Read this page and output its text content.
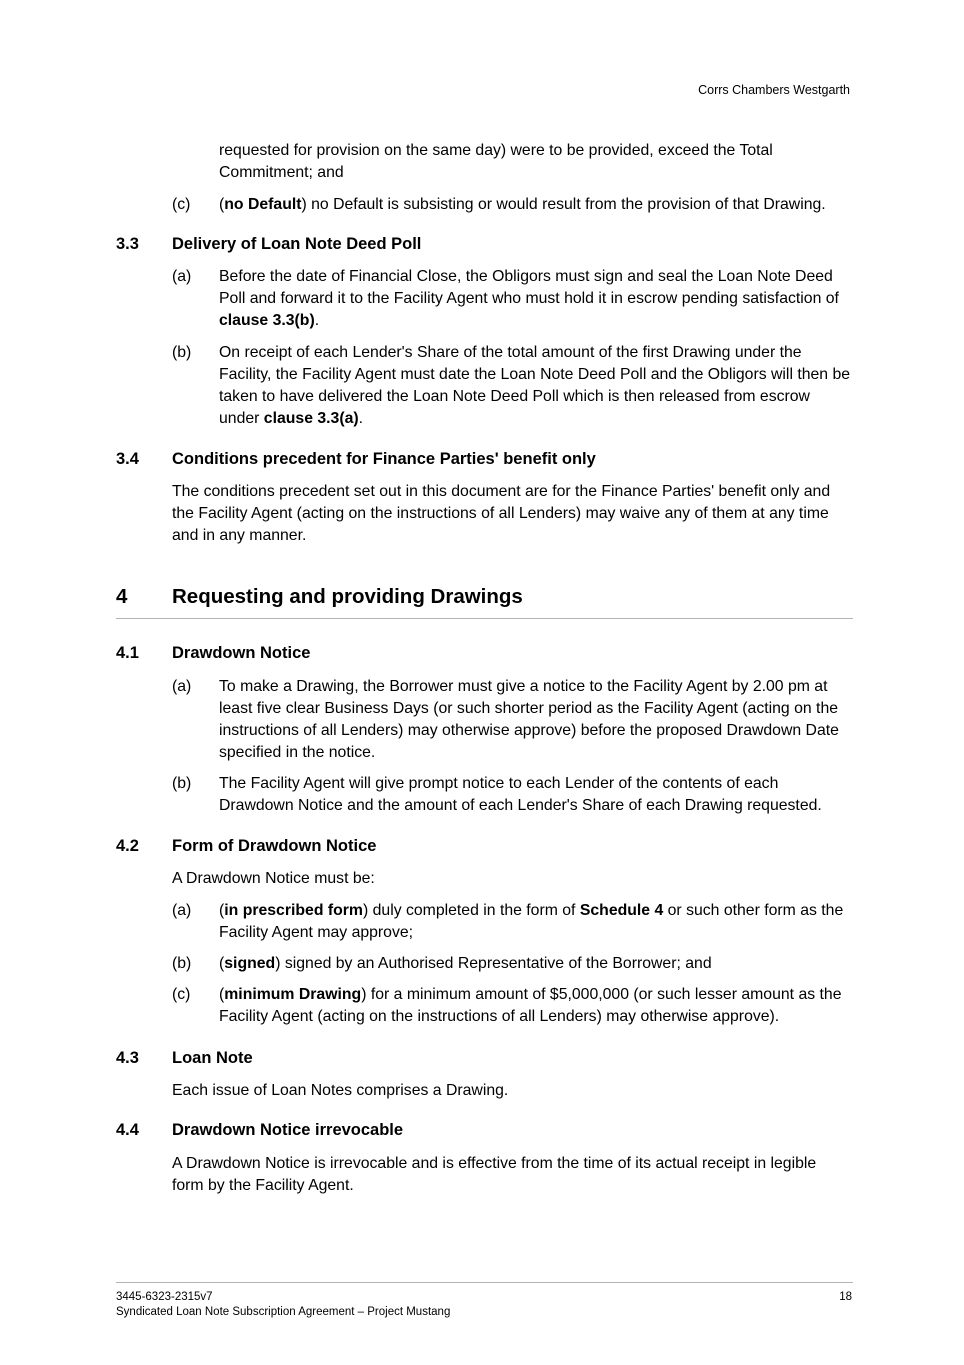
Corrs Chambers Westgarth
requested for provision on the same day) were to be provided, exceed the Total Commitment; and
(c) (no Default) no Default is subsisting or would result from the provision of that Drawing.
3.3 Delivery of Loan Note Deed Poll
(a) Before the date of Financial Close, the Obligors must sign and seal the Loan Note Deed Poll and forward it to the Facility Agent who must hold it in escrow pending satisfaction of clause 3.3(b).
(b) On receipt of each Lender's Share of the total amount of the first Drawing under the Facility, the Facility Agent must date the Loan Note Deed Poll and the Obligors will then be taken to have delivered the Loan Note Deed Poll which is then released from escrow under clause 3.3(a).
3.4 Conditions precedent for Finance Parties' benefit only
The conditions precedent set out in this document are for the Finance Parties' benefit only and the Facility Agent (acting on the instructions of all Lenders) may waive any of them at any time and in any manner.
4 Requesting and providing Drawings
4.1 Drawdown Notice
(a) To make a Drawing, the Borrower must give a notice to the Facility Agent by 2.00 pm at least five clear Business Days (or such shorter period as the Facility Agent (acting on the instructions of all Lenders) may otherwise approve) before the proposed Drawdown Date specified in the notice.
(b) The Facility Agent will give prompt notice to each Lender of the contents of each Drawdown Notice and the amount of each Lender's Share of each Drawing requested.
4.2 Form of Drawdown Notice
A Drawdown Notice must be:
(a) (in prescribed form) duly completed in the form of Schedule 4 or such other form as the Facility Agent may approve;
(b) (signed) signed by an Authorised Representative of the Borrower; and
(c) (minimum Drawing) for a minimum amount of $5,000,000 (or such lesser amount as the Facility Agent (acting on the instructions of all Lenders) may otherwise approve).
4.3 Loan Note
Each issue of Loan Notes comprises a Drawing.
4.4 Drawdown Notice irrevocable
A Drawdown Notice is irrevocable and is effective from the time of its actual receipt in legible form by the Facility Agent.
3445-6323-2315v7
Syndicated Loan Note Subscription Agreement – Project Mustang
18
